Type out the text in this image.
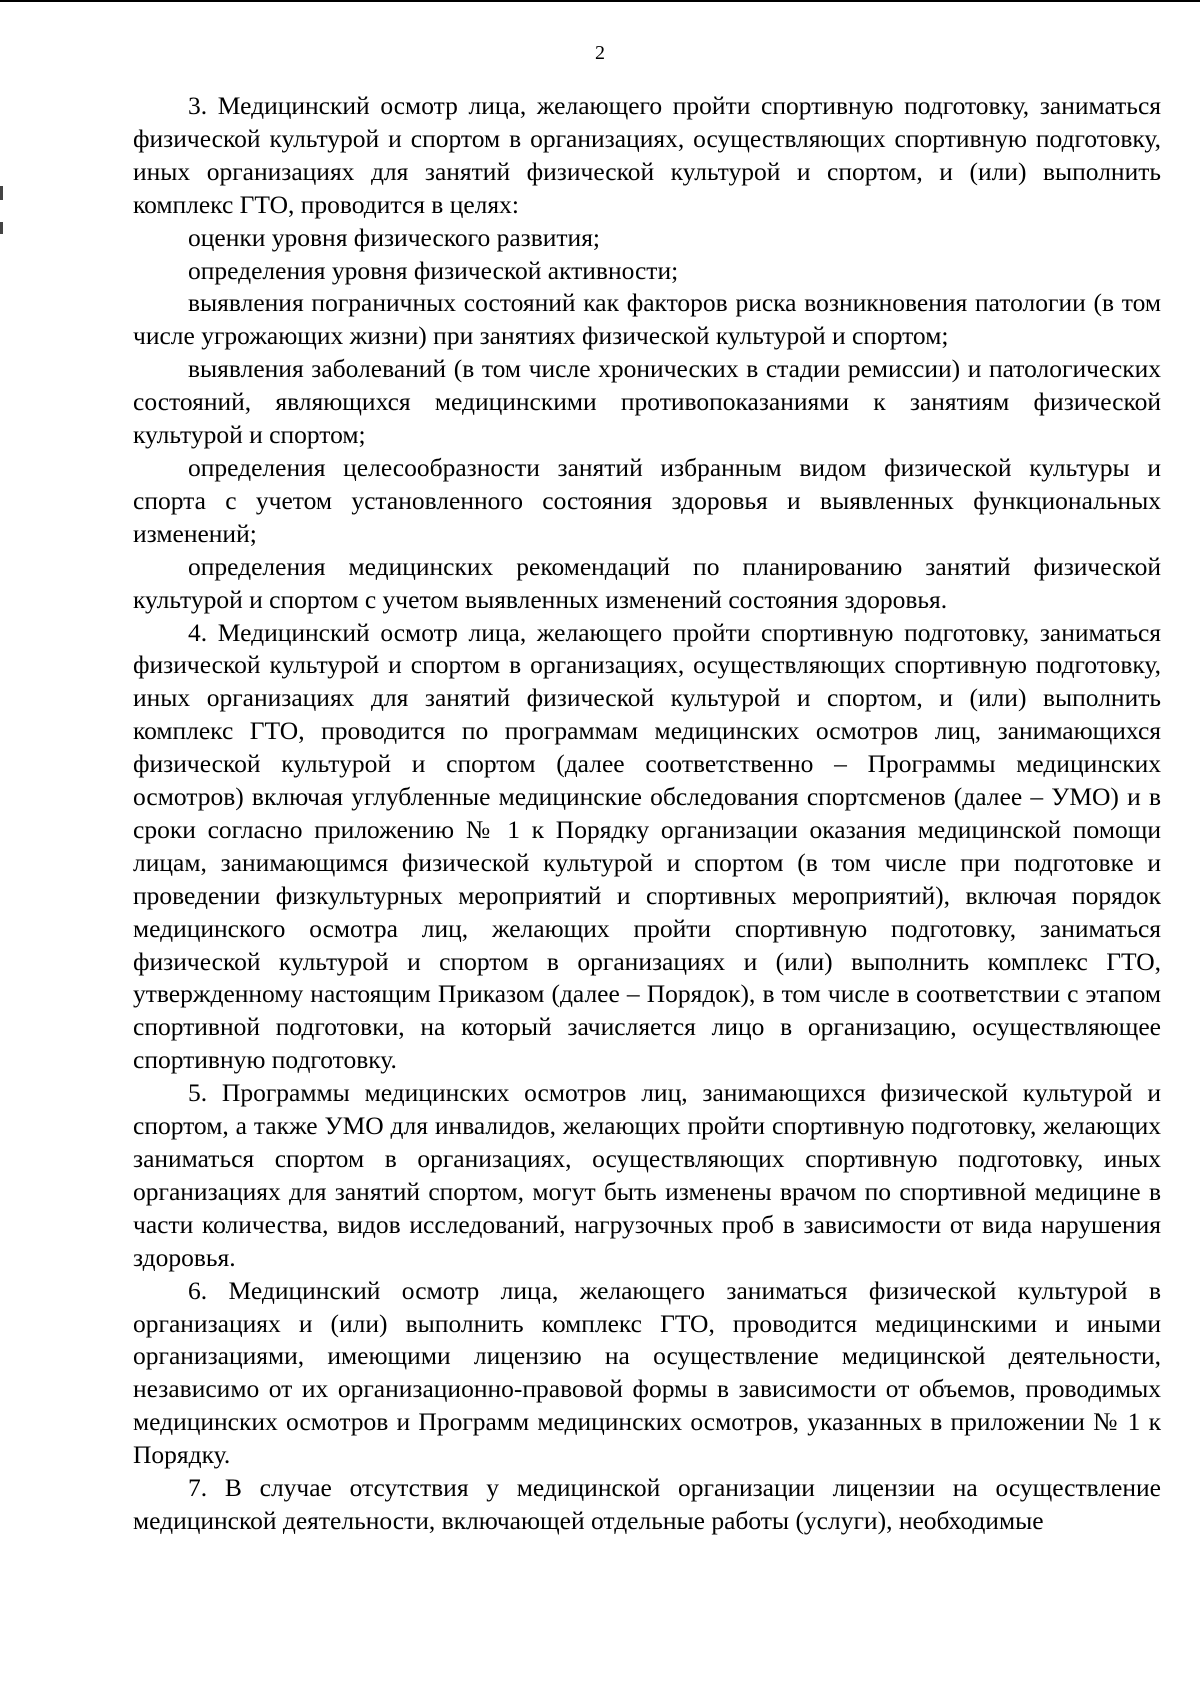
2

3. Медицинский осмотр лица, желающего пройти спортивную подготовку, заниматься физической культурой и спортом в организациях, осуществляющих спортивную подготовку, иных организациях для занятий физической культурой и спортом, и (или) выполнить комплекс ГТО, проводится в целях:

оценки уровня физического развития;

определения уровня физической активности;

выявления пограничных состояний как факторов риска возникновения патологии (в том числе угрожающих жизни) при занятиях физической культурой и спортом;

выявления заболеваний (в том числе хронических в стадии ремиссии) и патологических состояний, являющихся медицинскими противопоказаниями к занятиям физической культурой и спортом;

определения целесообразности занятий избранным видом физической культуры и спорта с учетом установленного состояния здоровья и выявленных функциональных изменений;

определения медицинских рекомендаций по планированию занятий физической культурой и спортом с учетом выявленных изменений состояния здоровья.

4. Медицинский осмотр лица, желающего пройти спортивную подготовку, заниматься физической культурой и спортом в организациях, осуществляющих спортивную подготовку, иных организациях для занятий физической культурой и спортом, и (или) выполнить комплекс ГТО, проводится по программам медицинских осмотров лиц, занимающихся физической культурой и спортом (далее соответственно – Программы медицинских осмотров) включая углубленные медицинские обследования спортсменов (далее – УМО) и в сроки согласно приложению № 1 к Порядку организации оказания медицинской помощи лицам, занимающимся физической культурой и спортом (в том числе при подготовке и проведении физкультурных мероприятий и спортивных мероприятий), включая порядок медицинского осмотра лиц, желающих пройти спортивную подготовку, заниматься физической культурой и спортом в организациях и (или) выполнить комплекс ГТО, утвержденному настоящим Приказом (далее – Порядок), в том числе в соответствии с этапом спортивной подготовки, на который зачисляется лицо в организацию, осуществляющее спортивную подготовку.

5. Программы медицинских осмотров лиц, занимающихся физической культурой и спортом, а также УМО для инвалидов, желающих пройти спортивную подготовку, желающих заниматься спортом в организациях, осуществляющих спортивную подготовку, иных организациях для занятий спортом, могут быть изменены врачом по спортивной медицине в части количества, видов исследований, нагрузочных проб в зависимости от вида нарушения здоровья.

6. Медицинский осмотр лица, желающего заниматься физической культурой в организациях и (или) выполнить комплекс ГТО, проводится медицинскими и иными организациями, имеющими лицензию на осуществление медицинской деятельности, независимо от их организационно-правовой формы в зависимости от объемов, проводимых медицинских осмотров и Программ медицинских осмотров, указанных в приложении № 1 к Порядку.

7. В случае отсутствия у медицинской организации лицензии на осуществление медицинской деятельности, включающей отдельные работы (услуги), необходимые
